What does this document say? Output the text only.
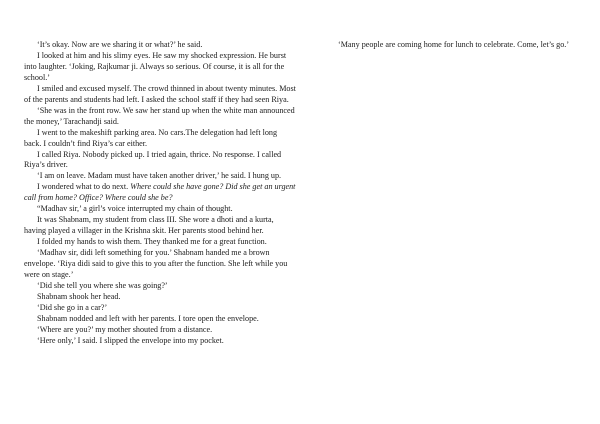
‘It’s okay. Now are we sharing it or what?’ he said.

I looked at him and his slimy eyes. He saw my shocked expression. He burst into laughter. ‘Joking, Rajkumar ji. Always so serious. Of course, it is all for the school.’

I smiled and excused myself. The crowd thinned in about twenty minutes. Most of the parents and students had left. I asked the school staff if they had seen Riya.

‘She was in the front row. We saw her stand up when the white man announced the money,’ Tarachandji said.

I went to the makeshift parking area. No cars.The delegation had left long back. I couldn’t find Riya’s car either.

I called Riya. Nobody picked up. I tried again, thrice. No response. I called Riya’s driver.

‘I am on leave. Madam must have taken another driver,’ he said. I hung up.

I wondered what to do next. Where could she have gone? Did she get an urgent call from home? Office? Where could she be?

“Madhav sir,’ a girl’s voice interrupted my chain of thought.

It was Shabnam, my student from class III. She wore a dhoti and a kurta, having played a villager in the Krishna skit. Her parents stood behind her.

I folded my hands to wish them. They thanked me for a great function.

‘Madhav sir, didi left something for you.’ Shabnam handed me a brown envelope. ‘Riya didi said to give this to you after the function. She left while you were on stage.’

‘Did she tell you where she was going?’

Shabnam shook her head.

‘Did she go in a car?’

Shabnam nodded and left with her parents. I tore open the envelope.

‘Where are you?’ my mother shouted from a distance.

‘Here only,’ I said. I slipped the envelope into my pocket.

‘Many people are coming home for lunch to celebrate. Come, let’s go.’
